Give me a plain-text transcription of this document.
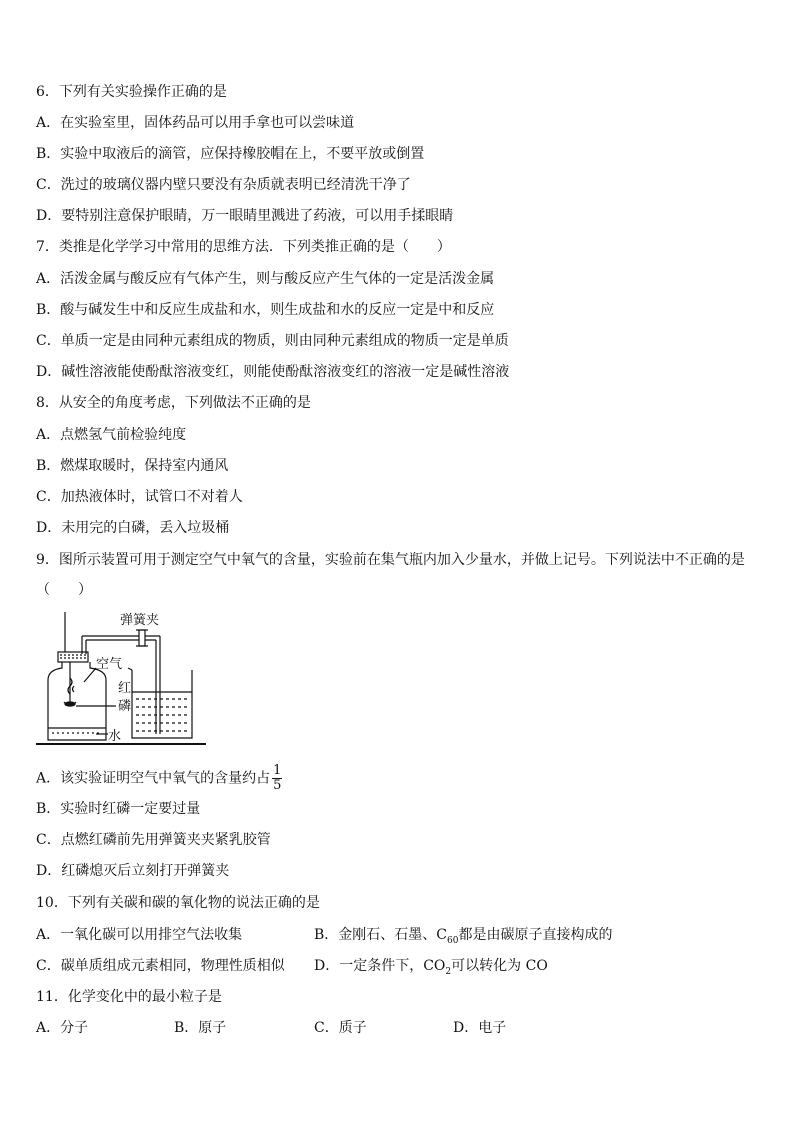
6．下列有关实验操作正确的是
A．在实验室里，固体药品可以用手拿也可以尝味道
B．实验中取液后的滴管，应保持橡胶帽在上，不要平放或倒置
C．洗过的玻璃仪器内壁只要没有杂质就表明已经清洗干净了
D．要特别注意保护眼睛，万一眼睛里溅进了药液，可以用手揉眼睛
7．类推是化学学习中常用的思维方法．下列类推正确的是（　　）
A．活泼金属与酸反应有气体产生，则与酸反应产生气体的一定是活泼金属
B．酸与碱发生中和反应生成盐和水，则生成盐和水的反应一定是中和反应
C．单质一定是由同种元素组成的物质，则由同种元素组成的物质一定是单质
D．碱性溶液能使酚酞溶液变红，则能使酚酞溶液变红的溶液一定是碱性溶液
8．从安全的角度考虑，下列做法不正确的是
A．点燃氢气前检验纯度
B．燃煤取暖时，保持室内通风
C．加热液体时，试管口不对着人
D．未用完的白磷，丢入垃圾桶
9．图所示装置可用于测定空气中氧气的含量，实验前在集气瓶内加入少量水，并做上记号。下列说法中不正确的是
（　　）
弹簧夹
空气
红
磷
水
A．该实验证明空气中氧气的含量约占 $\frac{1}{5}$
B．实验时红磷一定要过量
C．点燃红磷前先用弹簧夹夹紧乳胶管
D．红磷熄灭后立刻打开弹簧夹
10．下列有关碳和碳的氧化物的说法正确的是
A．一氧化碳可以用排空气法收集	B．金刚石、石墨、$C_{60}$都是由碳原子直接构成的
C．碳单质组成元素相同，物理性质相似 D．一定条件下，$CO_2$可以转化为 CO
11．化学变化中的最小粒子是
A．分子	B．原子	C．质子	D．电子
